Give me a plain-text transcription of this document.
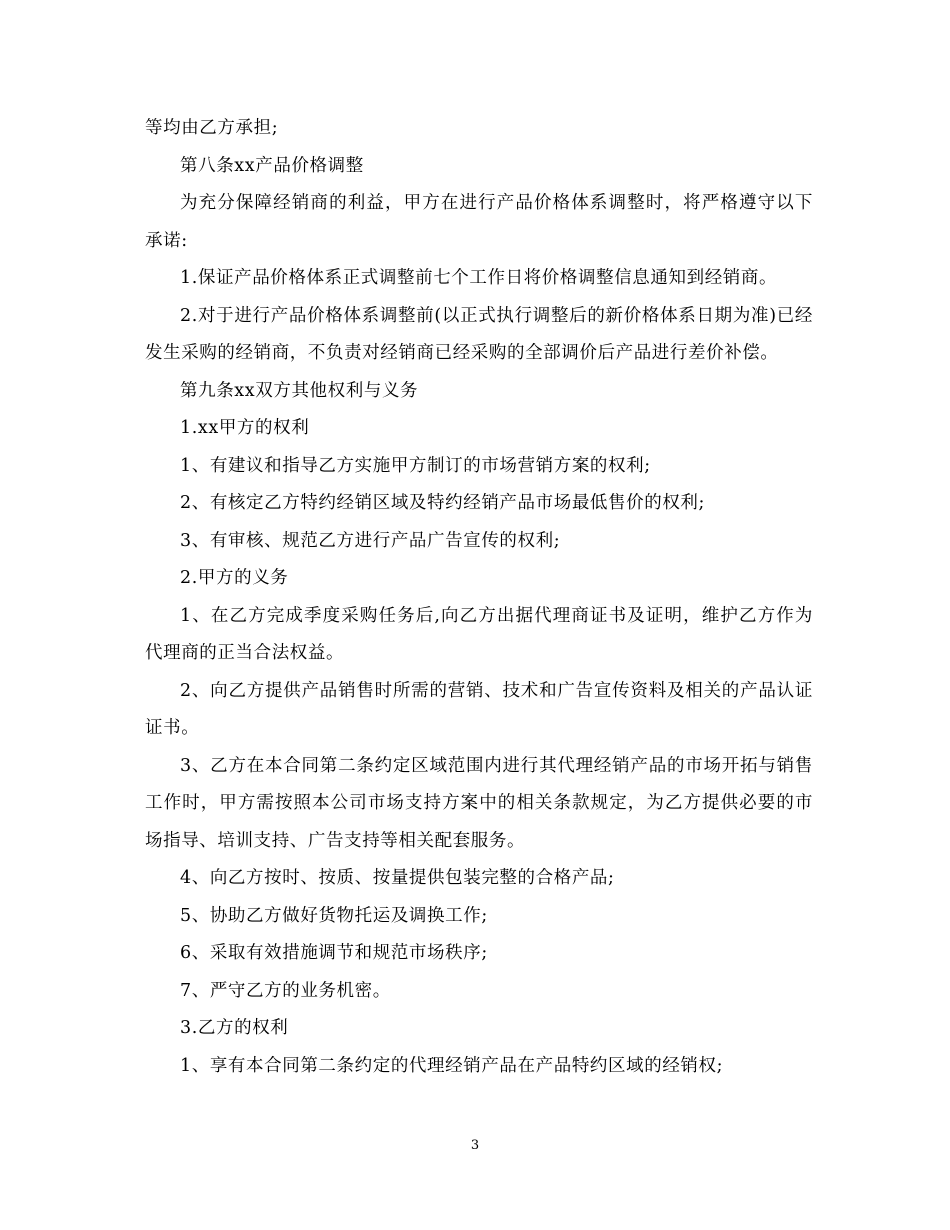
等均由乙方承担;

第八条xx产品价格调整

为充分保障经销商的利益，甲方在进行产品价格体系调整时，将严格遵守以下承诺:

1.保证产品价格体系正式调整前七个工作日将价格调整信息通知到经销商。

2.对于进行产品价格体系调整前(以正式执行调整后的新价格体系日期为准)已经发生采购的经销商，不负责对经销商已经采购的全部调价后产品进行差价补偿。

第九条xx双方其他权利与义务

1.xx甲方的权利

1、有建议和指导乙方实施甲方制订的市场营销方案的权利;

2、有核定乙方特约经销区域及特约经销产品市场最低售价的权利;

3、有审核、规范乙方进行产品广告宣传的权利;

2.甲方的义务

1、在乙方完成季度采购任务后,向乙方出据代理商证书及证明，维护乙方作为代理商的正当合法权益。

2、向乙方提供产品销售时所需的营销、技术和广告宣传资料及相关的产品认证证书。

3、乙方在本合同第二条约定区域范围内进行其代理经销产品的市场开拓与销售工作时，甲方需按照本公司市场支持方案中的相关条款规定，为乙方提供必要的市场指导、培训支持、广告支持等相关配套服务。

4、向乙方按时、按质、按量提供包装完整的合格产品;

5、协助乙方做好货物托运及调换工作;

6、采取有效措施调节和规范市场秩序;

7、严守乙方的业务机密。

3.乙方的权利

1、享有本合同第二条约定的代理经销产品在产品特约区域的经销权;

3
